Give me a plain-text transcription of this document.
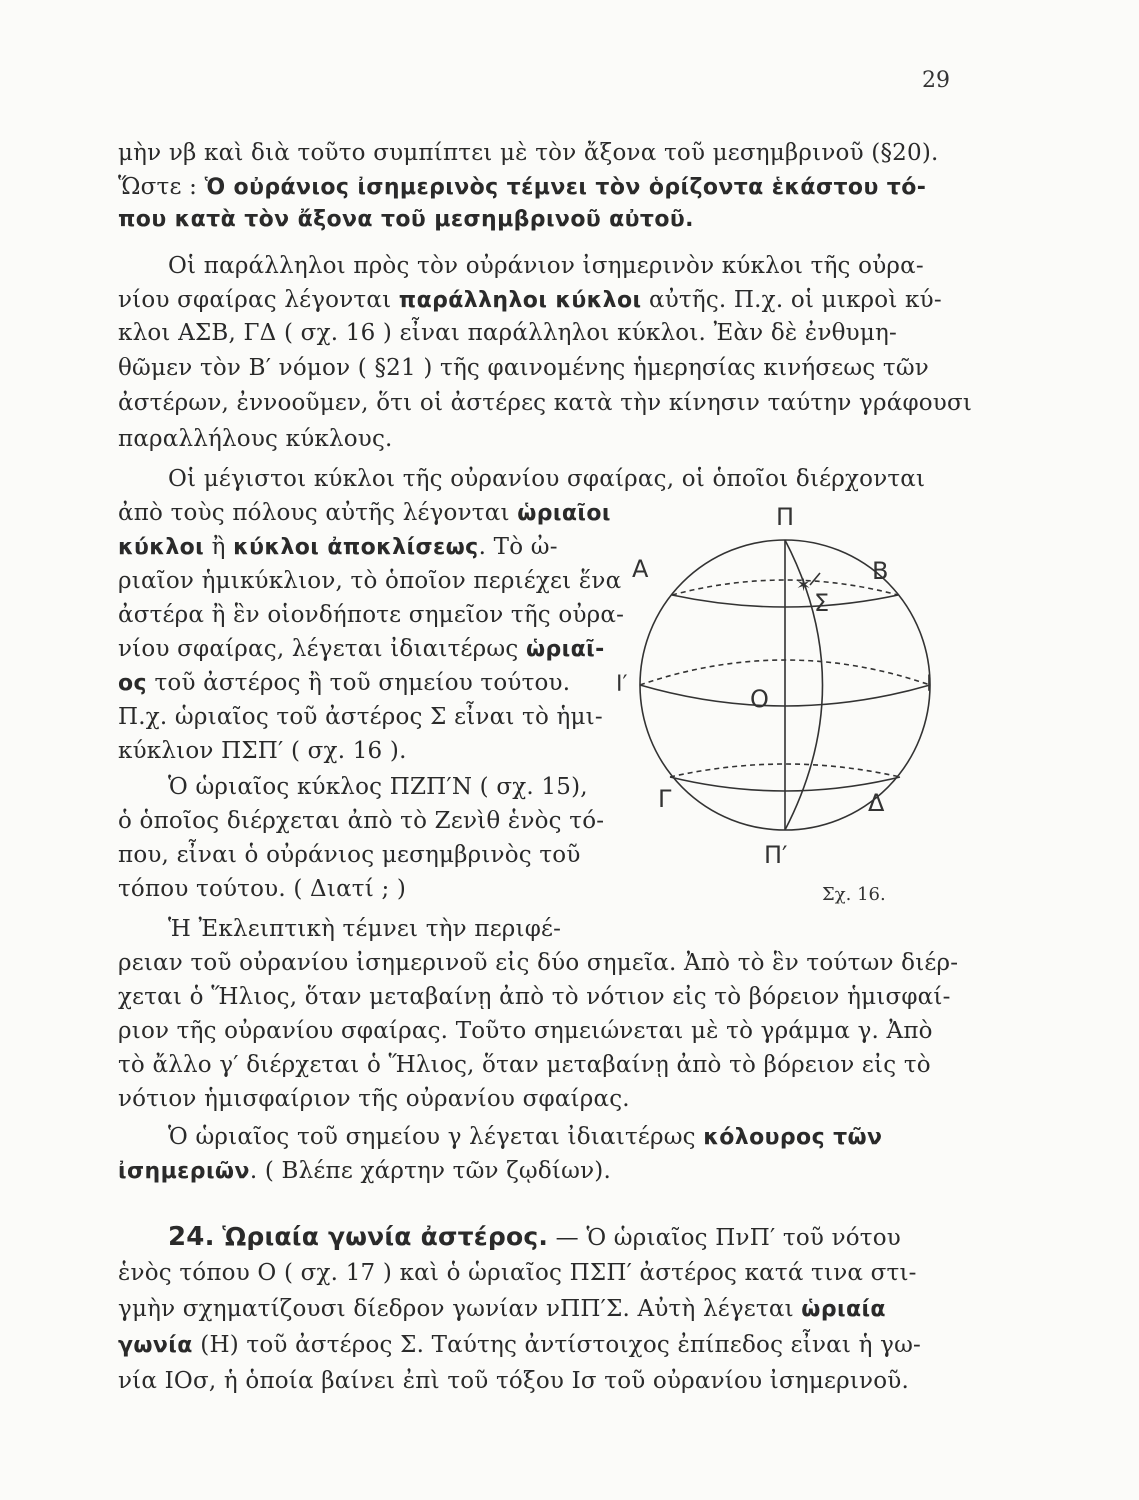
29
μὴν νβ καὶ διὰ τοῦτο συμπίπτει μὲ τὸν ἄξονα τοῦ μεσημβρινοῦ (§20).
Ὥστε : Ὁ οὐράνιος ἰσημερινὸς τέμνει τὸν ὁρίζοντα ἑκάστου τό-
που κατὰ τὸν ἄξονα τοῦ μεσημβρινοῦ αὐτοῦ.
Οἱ παράλληλοι πρὸς τὸν οὐράνιον ἰσημερινὸν κύκλοι τῆς οὐρα-
νίου σφαίρας λέγονται παράλληλοι κύκλοι αὐτῆς. Π.χ. οἱ μικροὶ κύ-
κλοι ΑΣΒ, ΓΔ ( σχ. 16 ) εἶναι παράλληλοι κύκλοι. Ἐὰν δὲ ἐνθυμη-
θῶμεν τὸν Β′ νόμον ( §21 ) τῆς φαινομένης ἡμερησίας κινήσεως τῶν
ἀστέρων, ἐννοοῦμεν, ὅτι οἱ ἀστέρες κατὰ τὴν κίνησιν ταύτην γράφουσι
παραλλήλους κύκλους.
Οἱ μέγιστοι κύκλοι τῆς οὐρανίου σφαίρας, οἱ ὁποῖοι διέρχονται
ἀπὸ τοὺς πόλους αὐτῆς λέγονται ὡριαῖοι
κύκλοι ἢ κύκλοι ἀποκλίσεως. Τὸ ὠ-
ριαῖον ἡμικύκλιον, τὸ ὁποῖον περιέχει ἕνα
ἀστέρα ἢ ἓν οἱονδήποτε σημεῖον τῆς οὐρα-
νίου σφαίρας, λέγεται ἰδιαιτέρως ὡριαῖ-
ος τοῦ ἀστέρος ἢ τοῦ σημείου τούτου.
Π.χ. ὡριαῖος τοῦ ἀστέρος Σ εἶναι τὸ ἡμι-
κύκλιον ΠΣΠ′ ( σχ. 16 ).
Ὁ ὡριαῖος κύκλος ΠΖΠ′Ν ( σχ. 15),
ὁ ὁποῖος διέρχεται ἀπὸ τὸ Ζενὶθ ἑνὸς τό-
που, εἶναι ὁ οὐράνιος μεσημβρινὸς τοῦ
τόπου τούτου. ( Διατί ; )
Ἡ Ἐκλειπτικὴ τέμνει τὴν περιφέ-
ρειαν τοῦ οὐρανίου ἰσημερινοῦ εἰς δύο σημεῖα. Ἀπὸ τὸ ἓν τούτων διέρ-
χεται ὁ Ἥλιος, ὅταν μεταβαίνῃ ἀπὸ τὸ νότιον εἰς τὸ βόρειον ἡμισφαί-
ριον τῆς οὐρανίου σφαίρας. Τοῦτο σημειώνεται μὲ τὸ γράμμα γ. Ἀπὸ
τὸ ἄλλο γ′ διέρχεται ὁ Ἥλιος, ὅταν μεταβαίνῃ ἀπὸ τὸ βόρειον εἰς τὸ
νότιον ἡμισφαίριον τῆς οὐρανίου σφαίρας.
Ὁ ὡριαῖος τοῦ σημείου γ λέγεται ἰδιαιτέρως κόλουρος τῶν
ἰσημεριῶν. ( Βλέπε χάρτην τῶν ζῳδίων).
24. Ὡριαία γωνία ἀστέρος. — Ὁ ὡριαῖος ΠνΠ′ τοῦ νότου
ἑνὸς τόπου Ο ( σχ. 17 ) καὶ ὁ ὡριαῖος ΠΣΠ′ ἀστέρος κατά τινα στι-
γμὴν σχηματίζουσι δίεδρον γωνίαν νΠΠ′Σ. Αὐτὴ λέγεται ὡριαία
γωνία (Η) τοῦ ἀστέρος Σ. Ταύτης ἀντίστοιχος ἐπίπεδος εἶναι ἡ γω-
νία ΙΟσ, ἡ ὁποία βαίνει ἐπὶ τοῦ τόξου Ισ τοῦ οὐρανίου ἰσημερινοῦ.
✶
Π
Α	Β
Σ
Ι′
Ο
Ι
Γ	Δ
Π′
Σχ. 16.
